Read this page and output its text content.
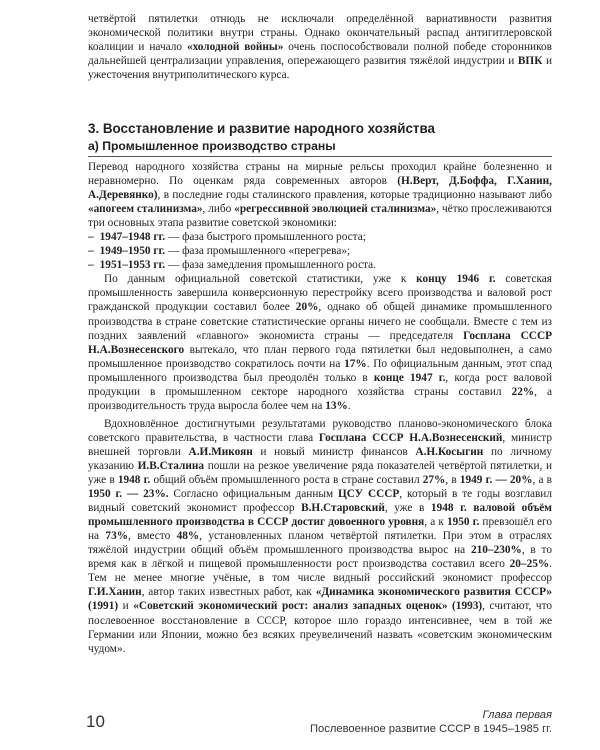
четвёртой пятилетки отнюдь не исключали определённой вариативности развития экономической политики внутри страны. Однако окончательный распад антигитлеровской коалиции и начало «холодной войны» очень поспособствовали полной победе сторонников дальнейшей централизации управления, опережающего развития тяжёлой индустрии и ВПК и ужесточения внутриполитического курса.

3. Восстановление и развитие народного хозяйства
а) Промышленное производство страны

Перевод народного хозяйства страны на мирные рельсы проходил крайне болезненно и неравномерно. По оценкам ряда современных авторов (Н.Верт, Д.Боффа, Г.Ханин, А.Деревянко), в последние годы сталинского правления, которые традиционно называют либо «апогеем сталинизма», либо «регрессивной эволюцией сталинизма», чётко прослеживаются три основных этапа развитие советской экономики:

– 1947–1948 гг. — фаза быстрого промышленного роста;

– 1949–1950 гг. — фаза промышленного «перегрева»;

– 1951–1953 гг. — фаза замедления промышленного роста.

По данным официальной советской статистики, уже к концу 1946 г. советская промышленность завершила конверсионную перестройку всего производства и валовой рост гражданской продукции составил более 20%, однако об общей динамике промышленного производства в стране советские статистические органы ничего не сообщали. Вместе с тем из поздних заявлений «главного» экономиста страны — председателя Госплана СССР Н.А.Вознесенского вытекало, что план первого года пятилетки был недовыполнен, а само промышленное производство сократилось почти на 17%. По официальным данным, этот спад промышленного производства был преодолён только в конце 1947 г., когда рост валовой продукции в промышленном секторе народного хозяйства страны составил 22%, а производительность труда выросла более чем на 13%.

Вдохновлённое достигнутыми результатами руководство планово-экономического блока советского правительства, в частности глава Госплана СССР Н.А.Вознесенский, министр внешней торговли А.И.Микоян и новый министр финансов А.Н.Косыгин по личному указанию И.В.Сталина пошли на резкое увеличение ряда показателей четвёртой пятилетки, и уже в 1948 г. общий объём промышленного роста в стране составил 27%, в 1949 г. — 20%, а в 1950 г. — 23%. Согласно официальным данным ЦСУ СССР, который в те годы возглавил видный советский экономист профессор В.Н.Старовский, уже в 1948 г. валовой объём промышленного производства в СССР достиг довоенного уровня, а к 1950 г. превзошёл его на 73%, вместо 48%, установленных планом четвёртой пятилетки. При этом в отраслях тяжёлой индустрии общий объём промышленного производства вырос на 210–230%, в то время как в лёгкой и пищевой промышленности рост производства составил всего 20–25%. Тем не менее многие учёные, в том числе видный российский экономист профессор Г.И.Ханин, автор таких известных работ, как «Динамика экономического развития СССР» (1991) и «Советский экономический рост: анализ западных оценок» (1993), считают, что послевоенное восстановление в СССР, которое шло гораздо интенсивнее, чем в той же Германии или Японии, можно без всяких преувеличений назвать «советским экономическим чудом».

10	Глава первая
Послевоенное развитие СССР в 1945–1985 гг.
